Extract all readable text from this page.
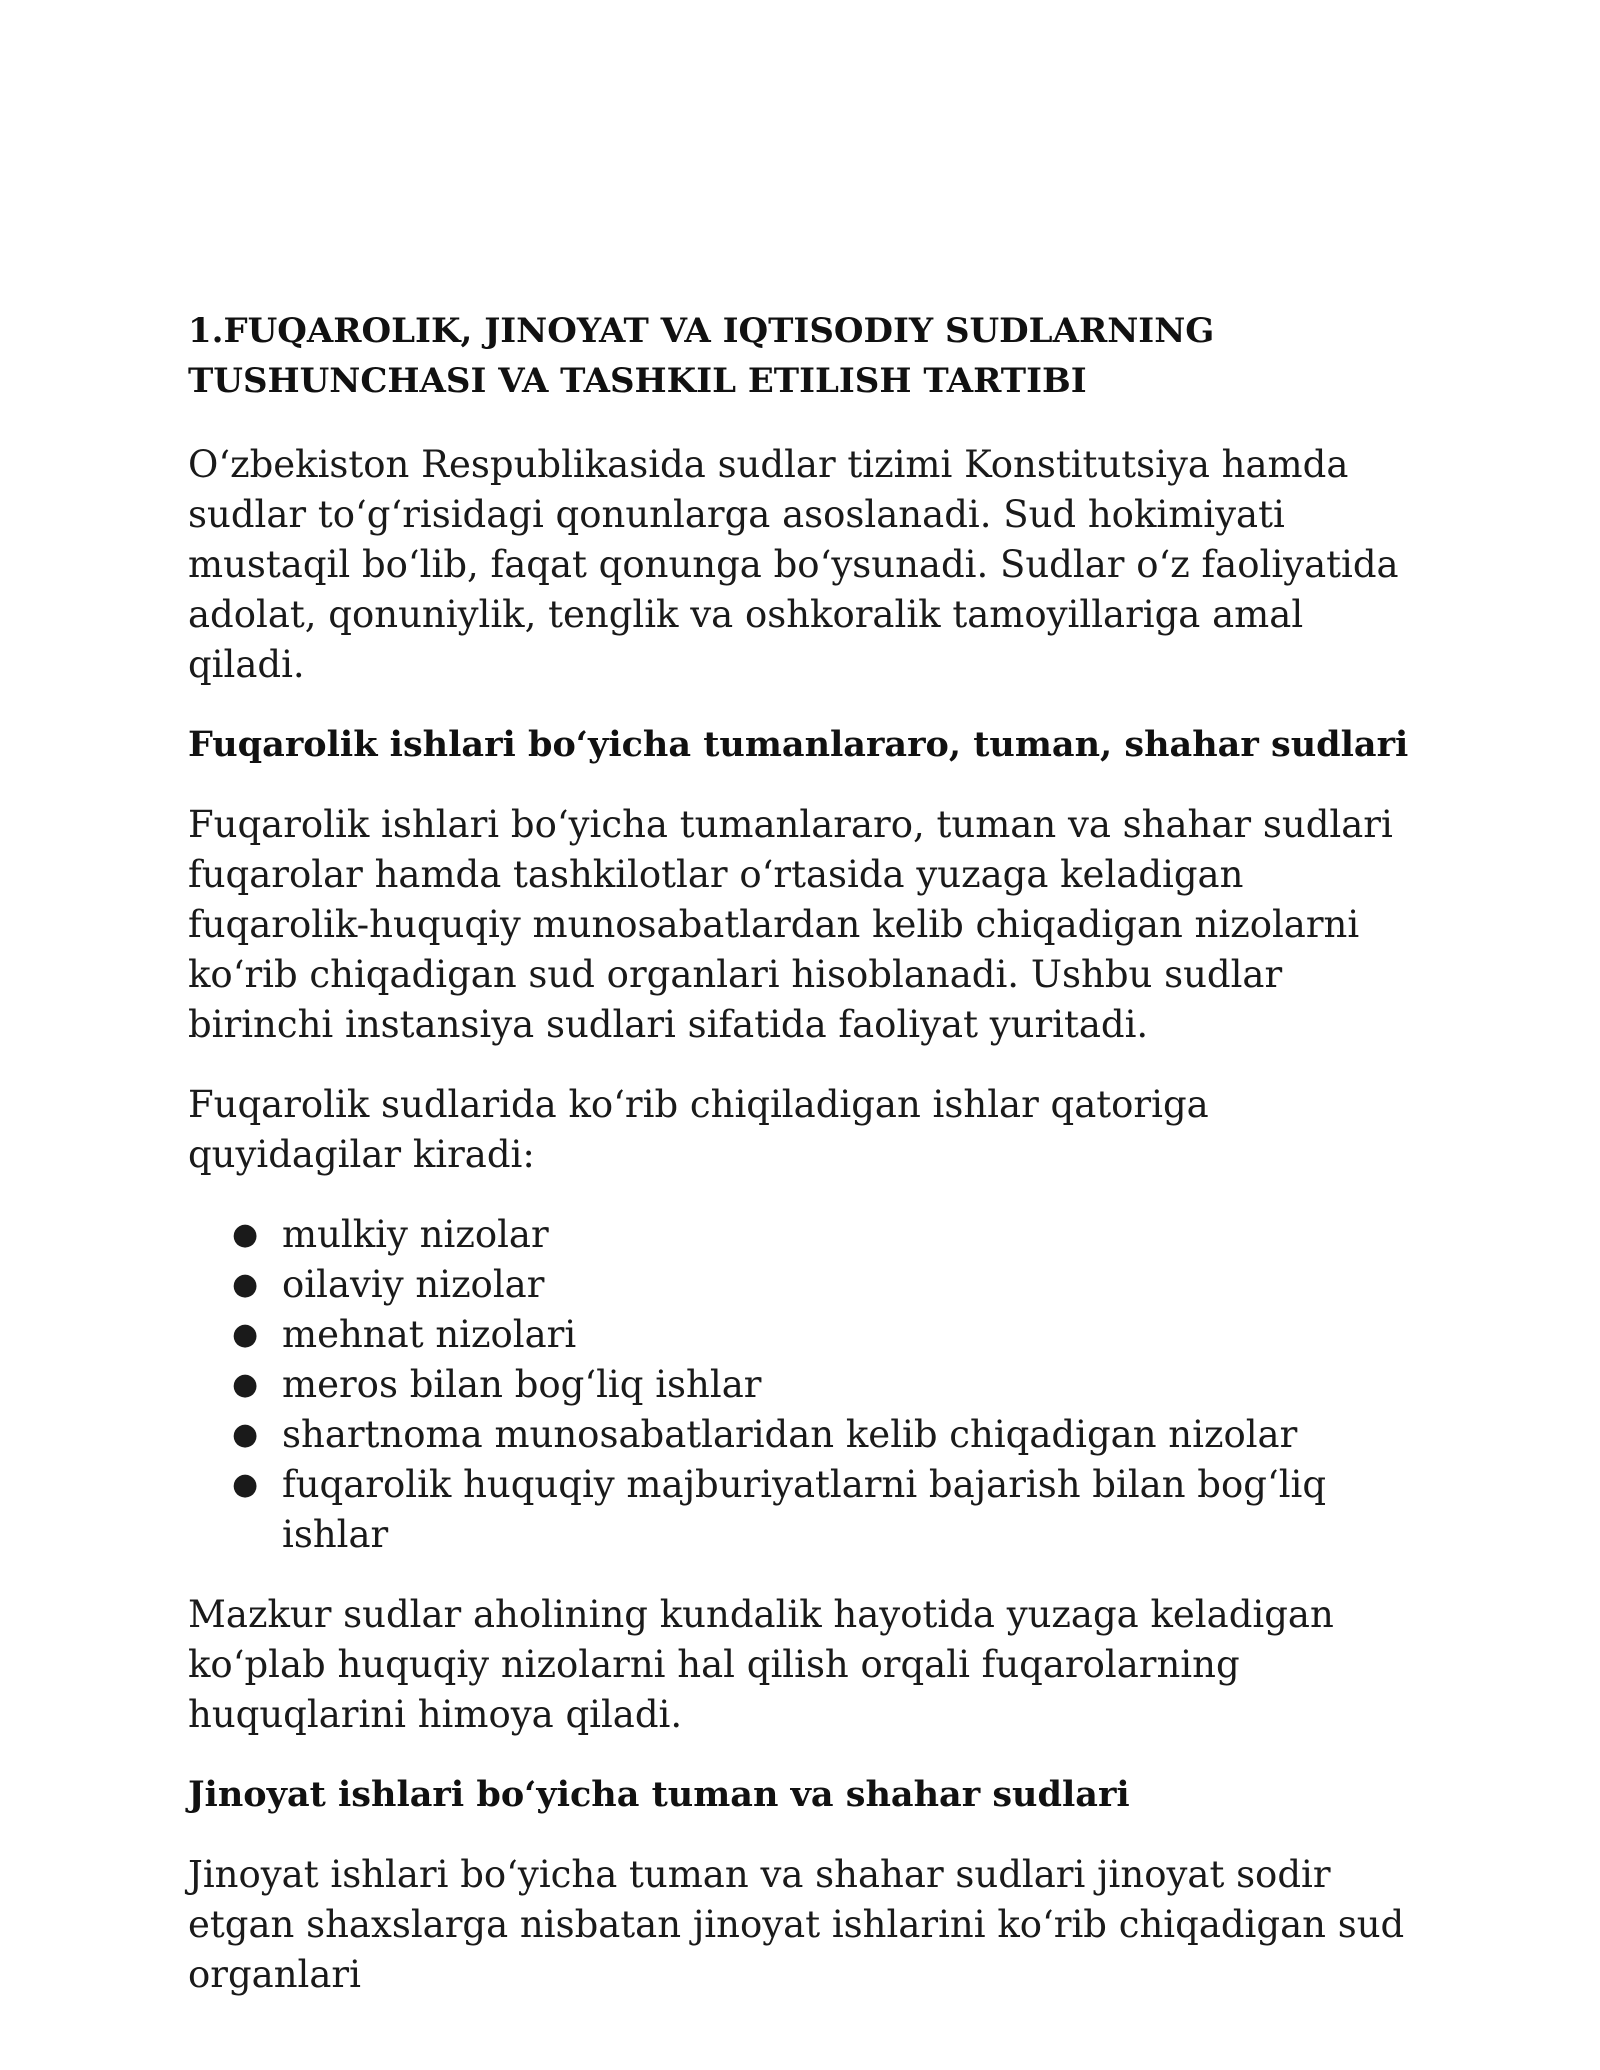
1.FUQAROLIK, JINOYAT VA IQTISODIY SUDLARNING
TUSHUNCHASI VA TASHKIL ETILISH TARTIBI

O‘zbekiston Respublikasida sudlar tizimi Konstitutsiya hamda sudlar to‘g‘risidagi qonunlarga asoslanadi. Sud hokimiyati mustaqil bo‘lib, faqat qonunga bo‘ysunadi. Sudlar o‘z faoliyatida adolat, qonuniylik, tenglik va oshkoralik tamoyillariga amal qiladi.

Fuqarolik ishlari bo‘yicha tumanlararo, tuman, shahar sudlari

Fuqarolik ishlari bo‘yicha tumanlararo, tuman va shahar sudlari fuqarolar hamda tashkilotlar o‘rtasida yuzaga keladigan fuqarolik-huquqiy munosabatlardan kelib chiqadigan nizolarni ko‘rib chiqadigan sud organlari hisoblanadi. Ushbu sudlar birinchi instansiya sudlari sifatida faoliyat yuritadi.

Fuqarolik sudlarida ko‘rib chiqiladigan ishlar qatoriga quyidagilar kiradi:

● mulkiy nizolar
● oilaviy nizolar
● mehnat nizolari
● meros bilan bog‘liq ishlar
● shartnoma munosabatlaridan kelib chiqadigan nizolar
● fuqarolik huquqiy majburiyatlarni bajarish bilan bog‘liq ishlar

Mazkur sudlar aholining kundalik hayotida yuzaga keladigan ko‘plab huquqiy nizolarni hal qilish orqali fuqarolarning huquqlarini himoya qiladi.

Jinoyat ishlari bo‘yicha tuman va shahar sudlari

Jinoyat ishlari bo‘yicha tuman va shahar sudlari jinoyat sodir etgan shaxslarga nisbatan jinoyat ishlarini ko‘rib chiqadigan sud organlari
